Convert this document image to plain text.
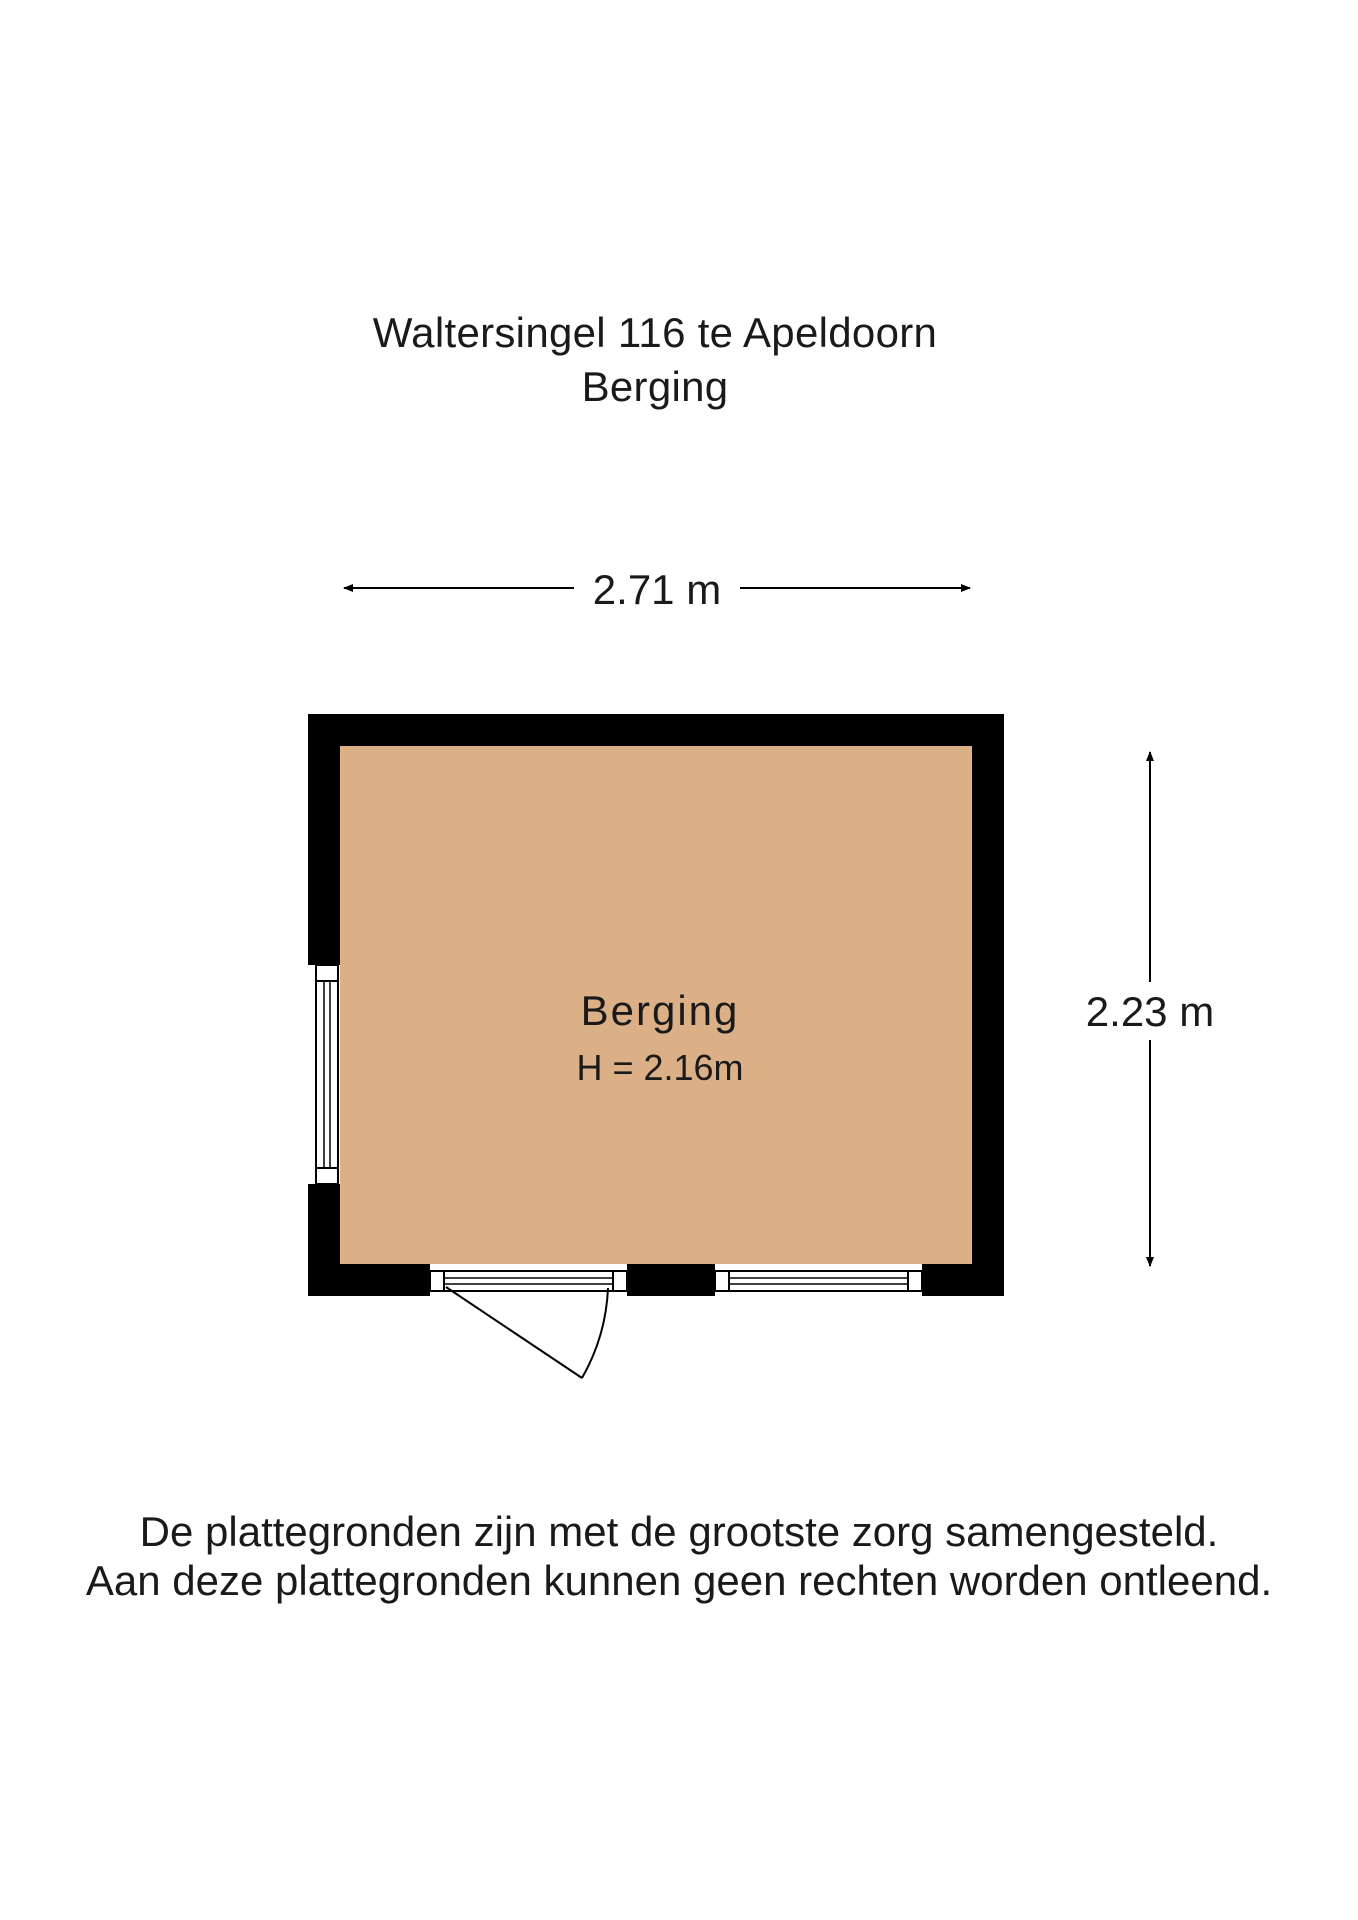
Waltersingel 116 te Apeldoorn
Berging
2.71 m
2.23 m
Berging
H = 2.16m
De plattegronden zijn met de grootste zorg samengesteld.
Aan deze plattegronden kunnen geen rechten worden ontleend.
